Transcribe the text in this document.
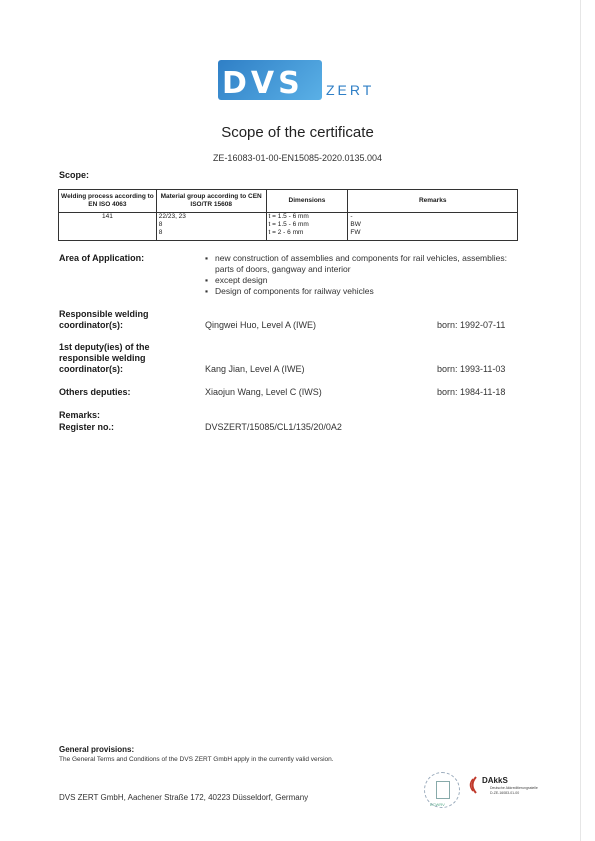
DVS ZERT
Scope of the certificate
ZE-16083-01-00-EN15085-2020.0135.004
Scope:
Welding process according to EN ISO 4063	Material group according to CEN ISO/TR 15608	Dimensions	Remarks
141	22/23, 23	t = 1.5 - 6 mm	-
	8	t = 1.5 - 6 mm	BW
	8	t = 2 - 6 mm	FW
Area of Application:	▪ new construction of assemblies and components for rail vehicles, assemblies: parts of doors, gangway and interior
▪ except design
▪ Design of components for railway vehicles
Responsible welding coordinator(s):	Qingwei Huo, Level A (IWE)	born: 1992-07-11
1st deputy(ies) of the responsible welding coordinator(s):	Kang Jian, Level A (IWE)	born: 1993-11-03
Others deputies:	Xiaojun Wang, Level C (IWS)	born: 1984-11-18
Remarks:
Register no.:	DVSZERT/15085/CL1/135/20/0A2
General provisions:
The General Terms and Conditions of the DVS ZERT GmbH apply in the currently valid version.
DVS ZERT GmbH, Aachener Straße 172, 40223 Düsseldorf, Germany
ECWRV
DAkkS
Deutsche Akkreditierungsstelle D-ZE-16083-01-00
